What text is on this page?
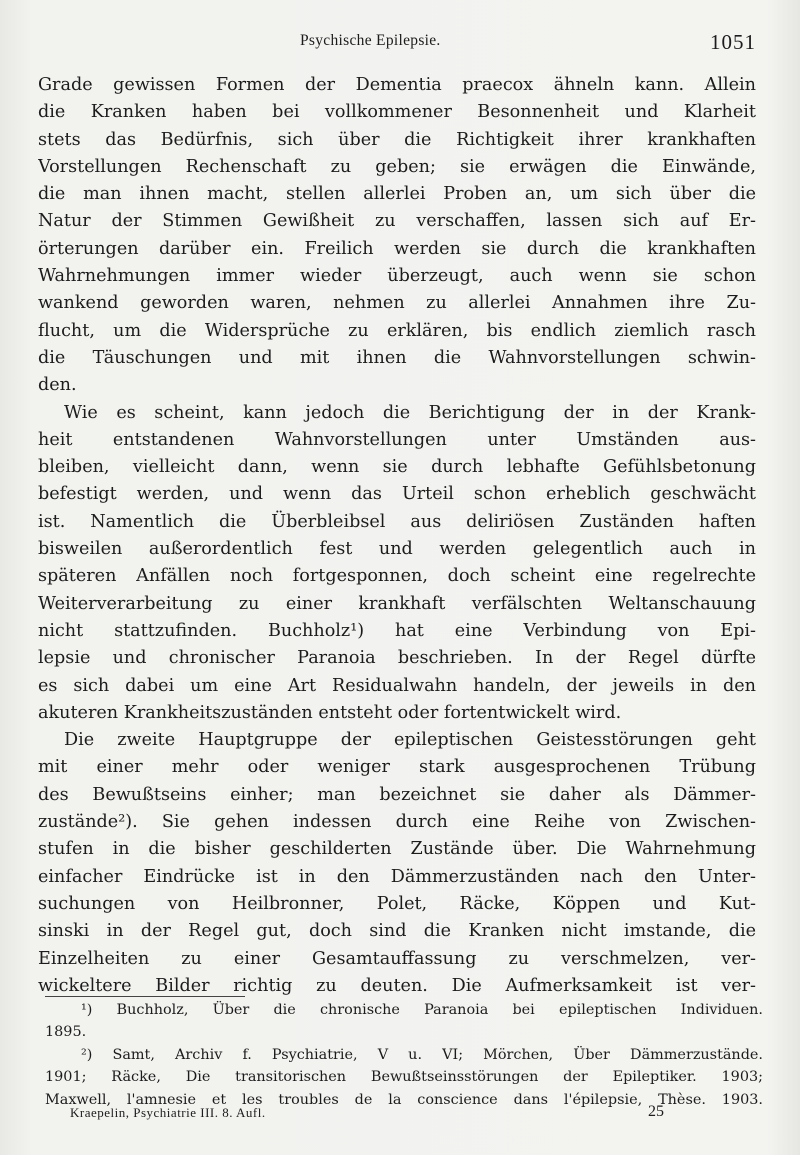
Psychische Epilepsie.	1051
Grade gewissen Formen der Dementia praecox ähneln kann. Allein
die Kranken haben bei vollkommener Besonnenheit und Klarheit
stets das Bedürfnis, sich über die Richtigkeit ihrer krankhaften
Vorstellungen Rechenschaft zu geben; sie erwägen die Einwände,
die man ihnen macht, stellen allerlei Proben an, um sich über die
Natur der Stimmen Gewißheit zu verschaffen, lassen sich auf Er-
örterungen darüber ein. Freilich werden sie durch die krankhaften
Wahrnehmungen immer wieder überzeugt, auch wenn sie schon
wankend geworden waren, nehmen zu allerlei Annahmen ihre Zu-
flucht, um die Widersprüche zu erklären, bis endlich ziemlich rasch
die Täuschungen und mit ihnen die Wahnvorstellungen schwin-
den.
Wie es scheint, kann jedoch die Berichtigung der in der Krank-
heit entstandenen Wahnvorstellungen unter Umständen aus-
bleiben, vielleicht dann, wenn sie durch lebhafte Gefühlsbetonung
befestigt werden, und wenn das Urteil schon erheblich geschwächt
ist. Namentlich die Überbleibsel aus deliriösen Zuständen haften
bisweilen außerordentlich fest und werden gelegentlich auch in
späteren Anfällen noch fortgesponnen, doch scheint eine regelrechte
Weiterverarbeitung zu einer krankhaft verfälschten Weltanschauung
nicht stattzufinden. Buchholz¹) hat eine Verbindung von Epi-
lepsie und chronischer Paranoia beschrieben. In der Regel dürfte
es sich dabei um eine Art Residualwahn handeln, der jeweils in den
akuteren Krankheitszuständen entsteht oder fortentwickelt wird.
Die zweite Hauptgruppe der epileptischen Geistesstörungen geht
mit einer mehr oder weniger stark ausgesprochenen Trübung
des Bewußtseins einher; man bezeichnet sie daher als Dämmer-
zustände²). Sie gehen indessen durch eine Reihe von Zwischen-
stufen in die bisher geschilderten Zustände über. Die Wahrnehmung
einfacher Eindrücke ist in den Dämmerzuständen nach den Unter-
suchungen von Heilbronner, Polet, Räcke, Köppen und Kut-
sinski in der Regel gut, doch sind die Kranken nicht imstande, die
Einzelheiten zu einer Gesamtauffassung zu verschmelzen, ver-
wickeltere Bilder richtig zu deuten. Die Aufmerksamkeit ist ver-
¹) Buchholz, Über die chronische Paranoia bei epileptischen Individuen.
1895.
²) Samt, Archiv f. Psychiatrie, V u. VI; Mörchen, Über Dämmerzustände.
1901; Räcke, Die transitorischen Bewußtseinsstörungen der Epileptiker. 1903;
Maxwell, l'amnesie et les troubles de la conscience dans l'épilepsie, Thèse. 1903.
Kraepelin, Psychiatrie III. 8. Aufl.	25
